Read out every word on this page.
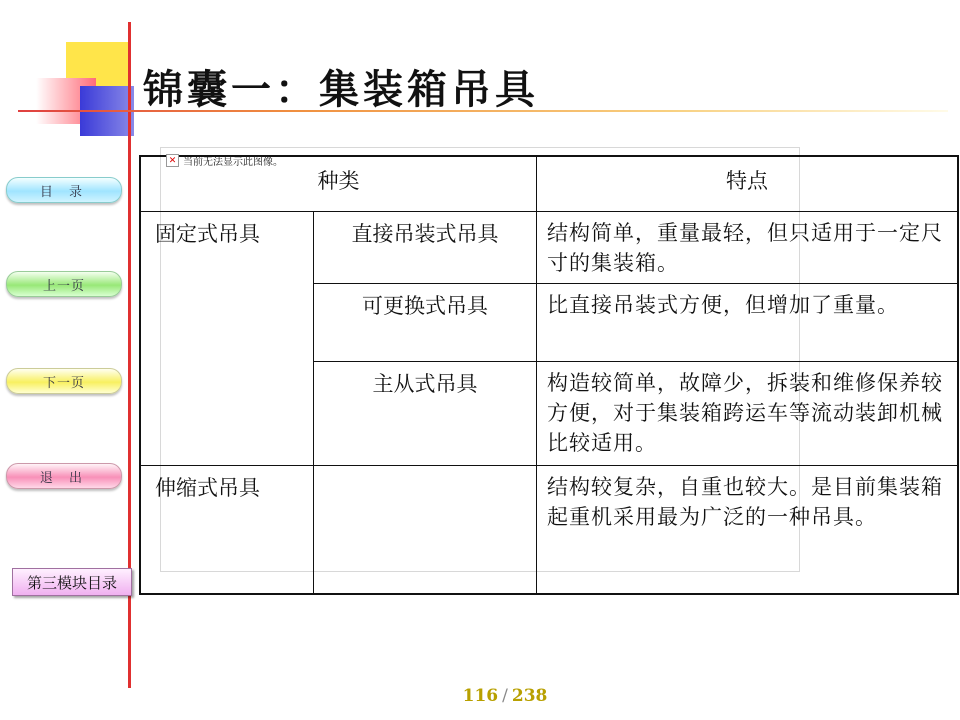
锦囊一：集装箱吊具
目 录
上一页
下一页
退 出
第三模块目录
✕ 当前无法显示此图像。
种类		特点

固定式吊具	直接吊装式吊具	结构简单，重量最轻，但只适用于一定尺寸的集装箱。
	可更换式吊具	比直接吊装式方便，但增加了重量。
	主从式吊具	构造较简单，故障少，拆装和维修保养较方便，对于集装箱跨运车等流动装卸机械比较适用。
伸缩式吊具		结构较复杂，自重也较大。是目前集装箱起重机采用最为广泛的一种吊具。
116 / 238
